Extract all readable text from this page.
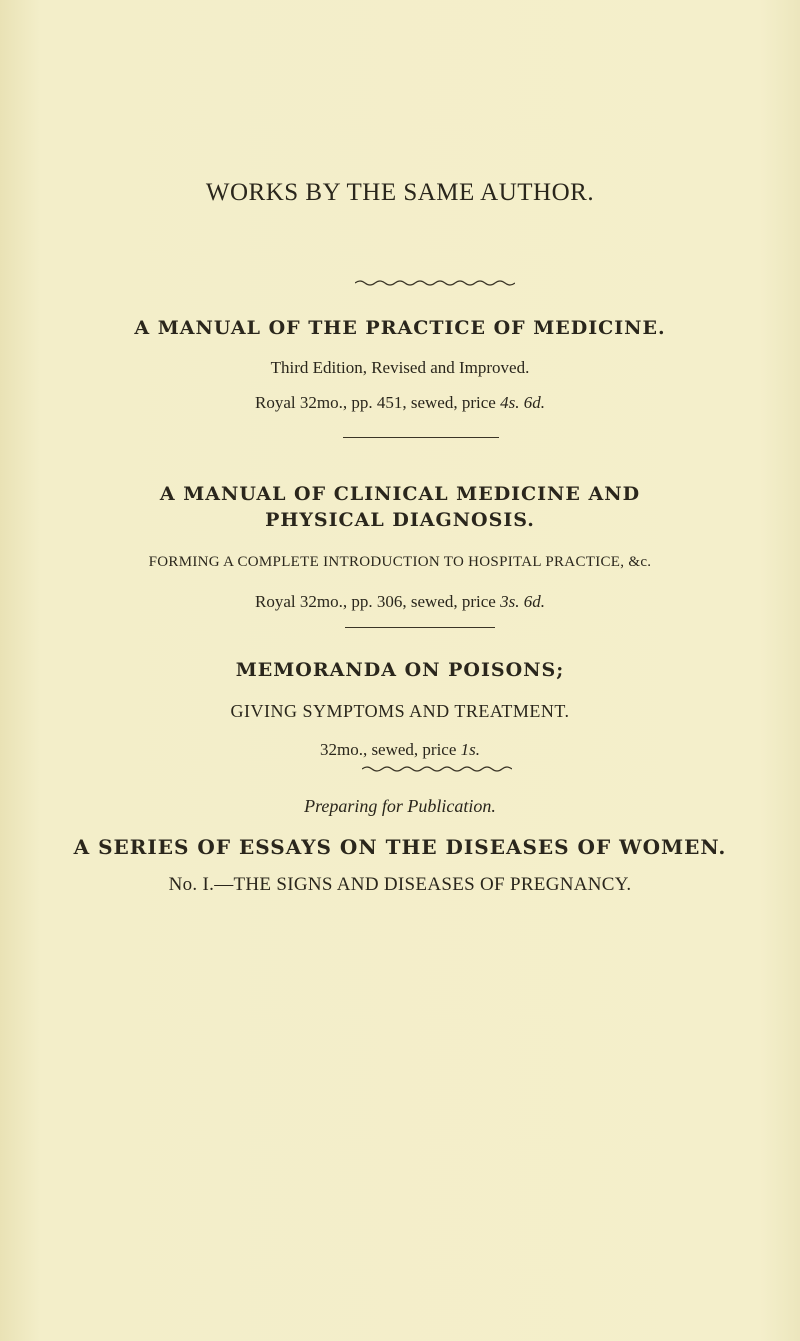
WORKS BY THE SAME AUTHOR.
A MANUAL OF THE PRACTICE OF MEDICINE.
Third Edition, Revised and Improved.
Royal 32mo., pp. 451, sewed, price 4s. 6d.
A MANUAL OF CLINICAL MEDICINE AND
PHYSICAL DIAGNOSIS.
FORMING A COMPLETE INTRODUCTION TO HOSPITAL PRACTICE, &c.
Royal 32mo., pp. 306, sewed, price 3s. 6d.
MEMORANDA ON POISONS;
GIVING SYMPTOMS AND TREATMENT.
32mo., sewed, price 1s.
Preparing for Publication.
A SERIES OF ESSAYS ON THE DISEASES OF WOMEN.
No. I.—THE SIGNS AND DISEASES OF PREGNANCY.
